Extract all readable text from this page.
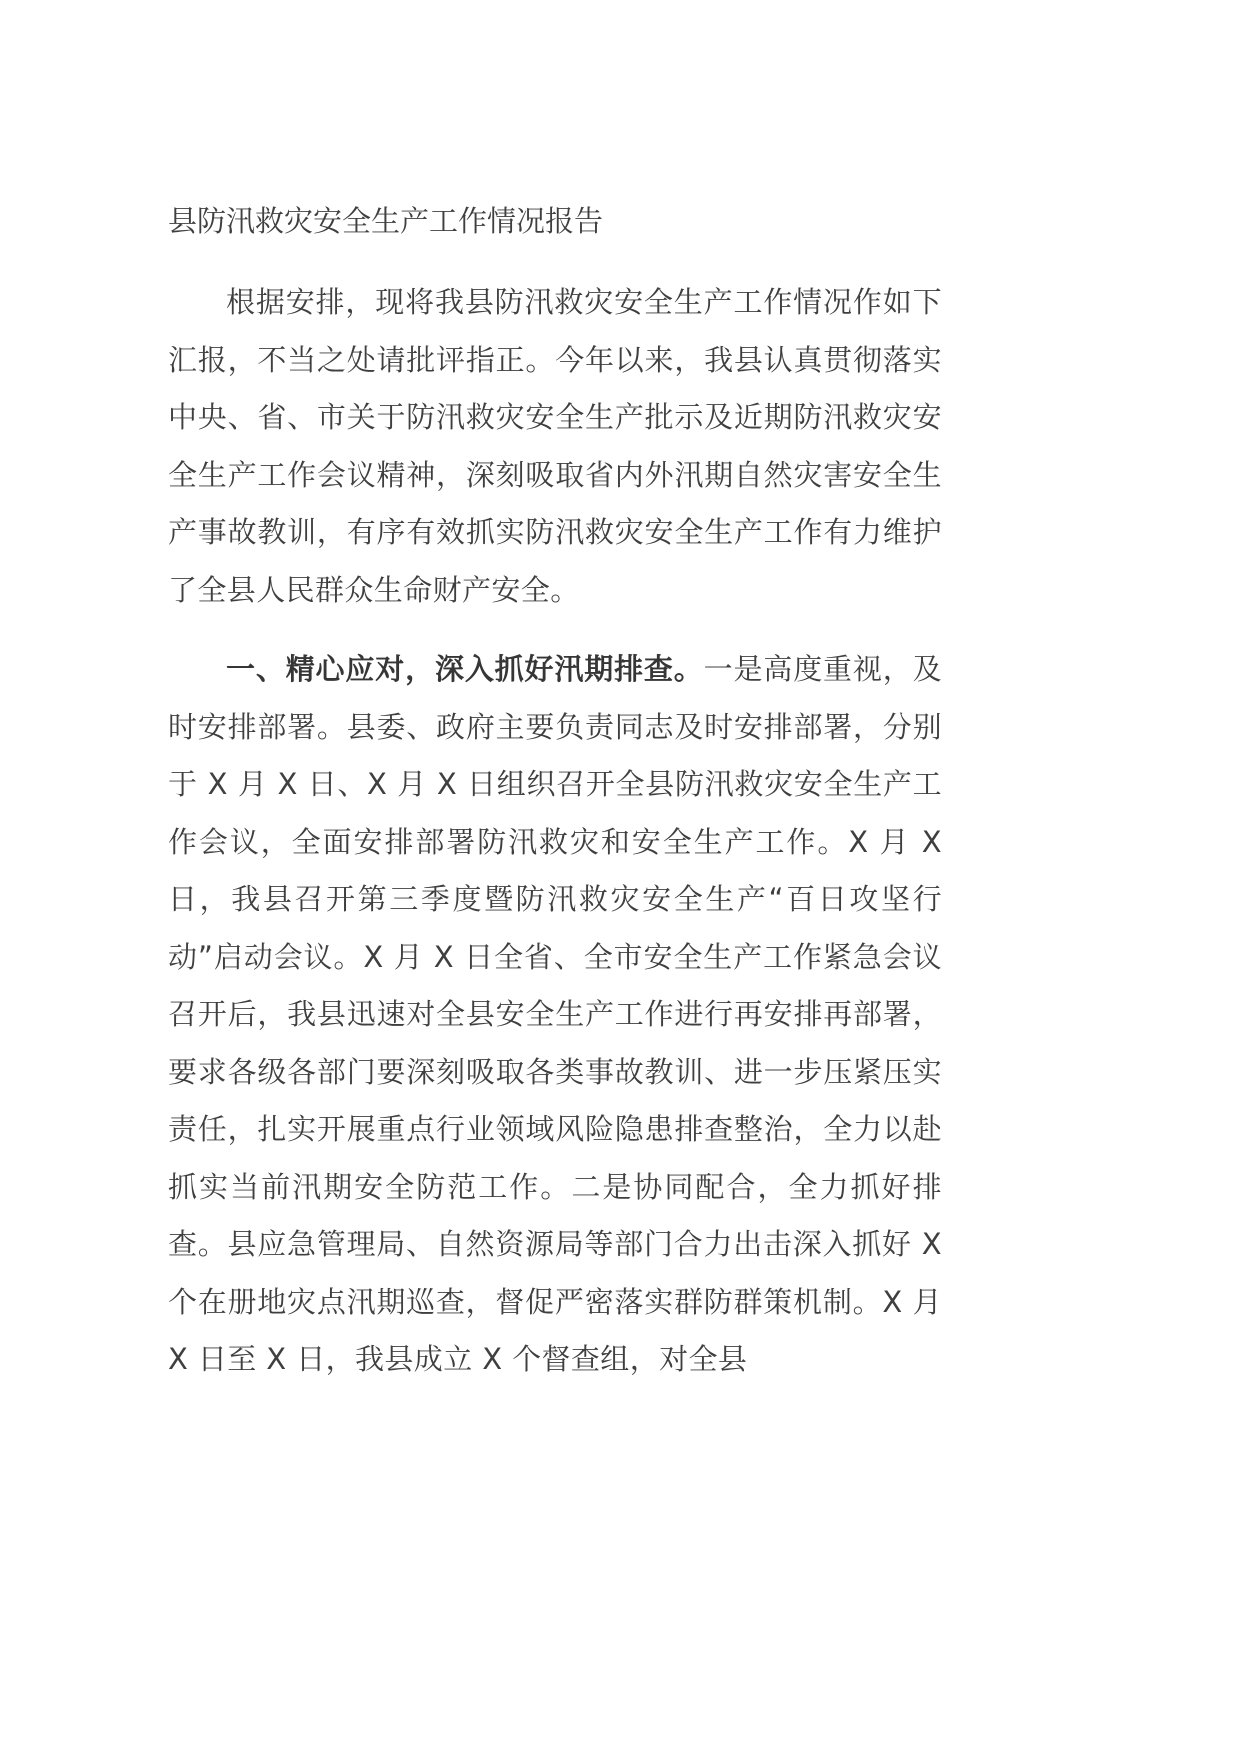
县防汛救灾安全生产工作情况报告

根据安排，现将我县防汛救灾安全生产工作情况作如下汇报，不当之处请批评指正。今年以来，我县认真贯彻落实中央、省、市关于防汛救灾安全生产批示及近期防汛救灾安全生产工作会议精神，深刻吸取省内外汛期自然灾害安全生产事故教训，有序有效抓实防汛救灾安全生产工作有力维护了全县人民群众生命财产安全。

一、精心应对，深入抓好汛期排查。一是高度重视，及时安排部署。县委、政府主要负责同志及时安排部署，分别于 X 月 X 日、X 月 X 日组织召开全县防汛救灾安全生产工作会议，全面安排部署防汛救灾和安全生产工作。X 月 X 日，我县召开第三季度暨防汛救灾安全生产“百日攻坚行动”启动会议。X 月 X 日全省、全市安全生产工作紧急会议召开后，我县迅速对全县安全生产工作进行再安排再部署，要求各级各部门要深刻吸取各类事故教训、进一步压紧压实责任，扎实开展重点行业领域风险隐患排查整治，全力以赴抓实当前汛期安全防范工作。二是协同配合，全力抓好排查。县应急管理局、自然资源局等部门合力出击深入抓好 X 个在册地灾点汛期巡查，督促严密落实群防群策机制。X 月 X 日至 X 日，我县成立 X 个督查组，对全县
